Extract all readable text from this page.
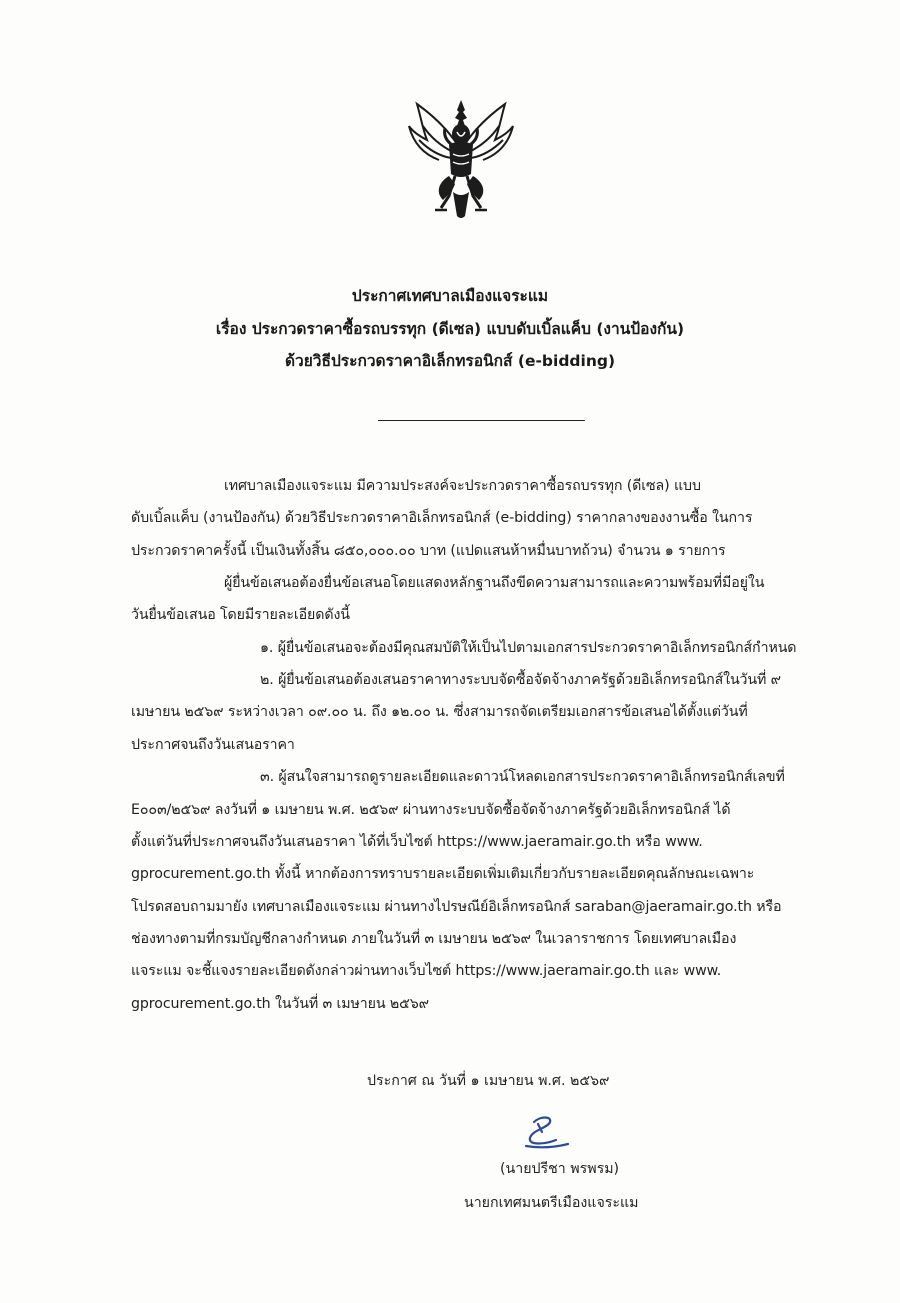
ประกาศเทศบาลเมืองแจระแม
เรื่อง ประกวดราคาซื้อรถบรรทุก (ดีเซล) แบบดับเบิ้ลแค็บ (งานป้องกัน)
ด้วยวิธีประกวดราคาอิเล็กทรอนิกส์ (e-bidding)
เทศบาลเมืองแจระแม มีความประสงค์จะประกวดราคาซื้อรถบรรทุก (ดีเซล) แบบ
ดับเบิ้ลแค็บ (งานป้องกัน) ด้วยวิธีประกวดราคาอิเล็กทรอนิกส์ (e-bidding) ราคากลางของงานซื้อ ในการ
ประกวดราคาครั้งนี้ เป็นเงินทั้งสิ้น ๘๕๐,๐๐๐.๐๐ บาท (แปดแสนห้าหมื่นบาทถ้วน) จำนวน ๑ รายการ
ผู้ยื่นข้อเสนอต้องยื่นข้อเสนอโดยแสดงหลักฐานถึงขีดความสามารถและความพร้อมที่มีอยู่ใน
วันยื่นข้อเสนอ โดยมีรายละเอียดดังนี้
๑. ผู้ยื่นข้อเสนอจะต้องมีคุณสมบัติให้เป็นไปตามเอกสารประกวดราคาอิเล็กทรอนิกส์กำหนด
๒. ผู้ยื่นข้อเสนอต้องเสนอราคาทางระบบจัดซื้อจัดจ้างภาครัฐด้วยอิเล็กทรอนิกส์ในวันที่ ๙
เมษายน ๒๕๖๙ ระหว่างเวลา ๐๙.๐๐ น. ถึง ๑๒.๐๐ น. ซึ่งสามารถจัดเตรียมเอกสารข้อเสนอได้ตั้งแต่วันที่
ประกาศจนถึงวันเสนอราคา
๓. ผู้สนใจสามารถดูรายละเอียดและดาวน์โหลดเอกสารประกวดราคาอิเล็กทรอนิกส์เลขที่
E๐๐๓/๒๕๖๙ ลงวันที่ ๑ เมษายน พ.ศ. ๒๕๖๙ ผ่านทางระบบจัดซื้อจัดจ้างภาครัฐด้วยอิเล็กทรอนิกส์ ได้
ตั้งแต่วันที่ประกาศจนถึงวันเสนอราคา ได้ที่เว็บไซต์ https://www.jaeramair.go.th หรือ www.
gprocurement.go.th ทั้งนี้ หากต้องการทราบรายละเอียดเพิ่มเติมเกี่ยวกับรายละเอียดคุณลักษณะเฉพาะ
โปรดสอบถามมายัง เทศบาลเมืองแจระแม ผ่านทางไปรษณีย์อิเล็กทรอนิกส์ saraban@jaeramair.go.th หรือ
ช่องทางตามที่กรมบัญชีกลางกำหนด ภายในวันที่ ๓ เมษายน ๒๕๖๙ ในเวลาราชการ โดยเทศบาลเมือง
แจระแม จะชี้แจงรายละเอียดดังกล่าวผ่านทางเว็บไซต์ https://www.jaeramair.go.th และ www.
gprocurement.go.th ในวันที่ ๓ เมษายน ๒๕๖๙
ประกาศ ณ วันที่ ๑ เมษายน พ.ศ. ๒๕๖๙
(นายปรีชา พรพรม)
นายกเทศมนตรีเมืองแจระแม
